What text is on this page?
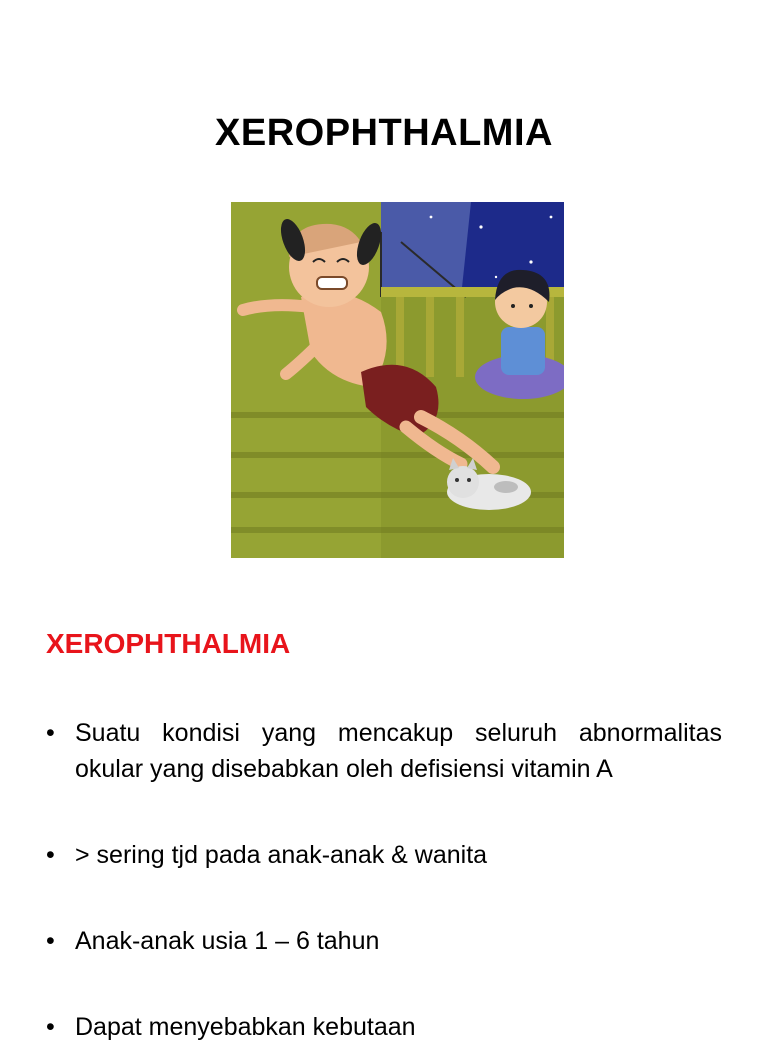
XEROPHTHALMIA
XEROPHTHALMIA
• Suatu kondisi yang mencakup seluruh abnormalitas okular yang disebabkan oleh defisiensi vitamin A
• > sering tjd pada anak-anak & wanita
• Anak-anak usia 1 – 6 tahun
• Dapat menyebabkan kebutaan
